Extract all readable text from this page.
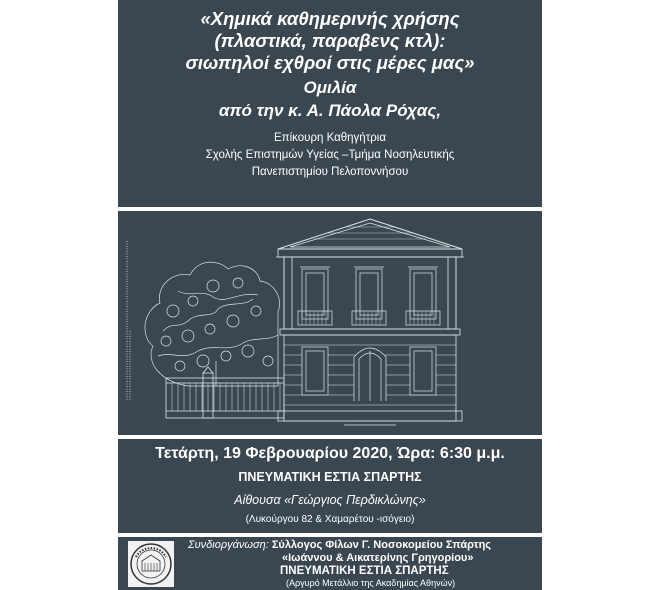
«Χημικά καθημερινής χρήσης
(πλαστικά, παραβενς κτλ):
σιωπηλοί εχθροί στις μέρες μας»
Ομιλία
από την κ. Α. Πάολα Ρόχας,
Επίκουρη Καθηγήτρια
Σχολής Επιστημών Υγείας –Τμήμα Νοσηλευτικής
Πανεπιστημίου Πελοποννήσου
Τετάρτη, 19 Φεβρουαρίου 2020, Ώρα: 6:30 μ.μ.
ΠΝΕΥΜΑΤΙΚΗ ΕΣΤΙΑ ΣΠΑΡΤΗΣ
Αίθουσα «Γεώργιος Περδικλώνης»
(Λυκούργου 82 & Χαμαρέτου -ισόγειο)
Συνδιοργάνωση: Σύλλογος Φίλων Γ. Νοσοκομείου Σπάρτης
«Ιωάννου & Αικατερίνης Γρηγορίου»
ΠΝΕΥΜΑΤΙΚΗ ΕΣΤΙΑ ΣΠΑΡΤΗΣ
(Αργυρό Μετάλλιο της Ακαδημίας Αθηνών)
